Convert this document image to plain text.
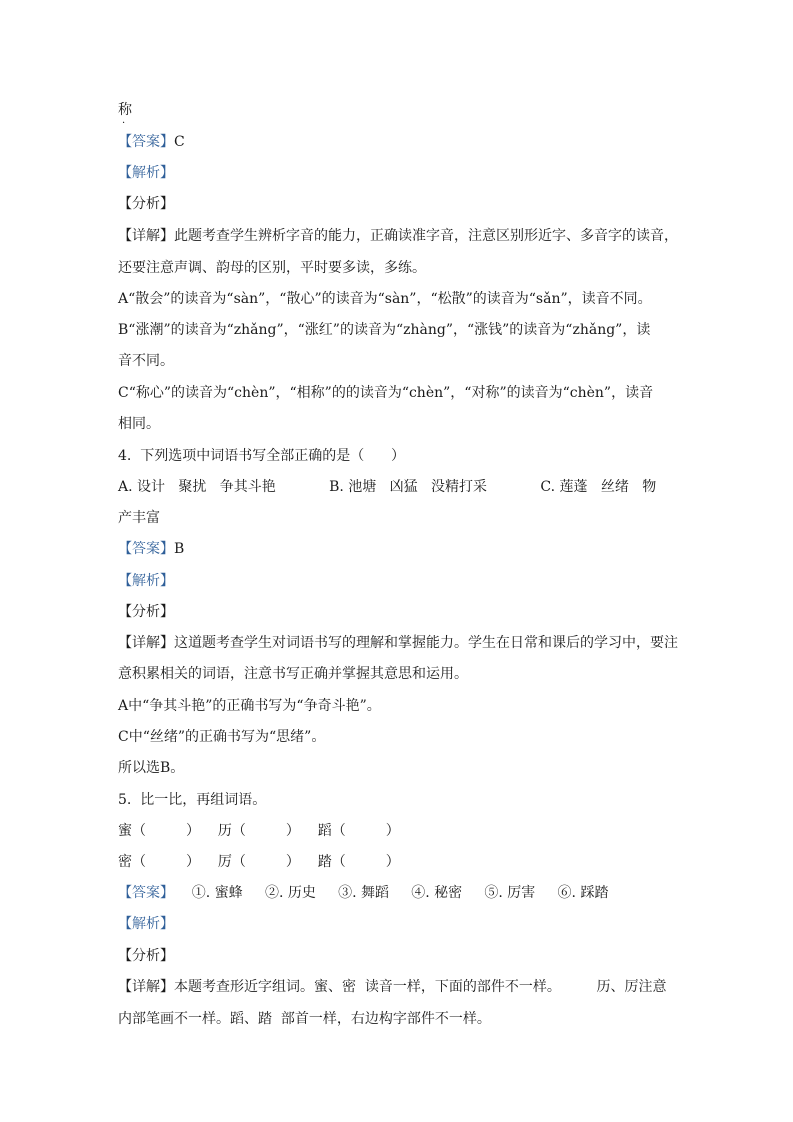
·
称
【答案】C
【解析】
【分析】
【详解】此题考查学生辨析字音的能力，正确读准字音，注意区别形近字、多音字的读音，
还要注意声调、韵母的区别，平时要多读，多练。
A“散会”的读音为“sàn”，“散心”的读音为“sàn”，“松散”的读音为“sǎn”，读音不同。
B“涨潮”的读音为“zhǎng”，“涨红”的读音为“zhàng”，“涨钱”的读音为“zhǎng”，读
音不同。
C“称心”的读音为“chèn”，“相称”的的读音为“chèn”，“对称”的读音为“chèn”，读音
相同。
4.  下列选项中词语书写全部正确的是（      ）
A. 设计   聚扰   争其斗艳            B. 池塘   凶猛   没精打采            C. 莲蓬   丝绪   物
产丰富
【答案】B
【解析】
【分析】
【详解】这道题考查学生对词语书写的理解和掌握能力。学生在日常和课后的学习中，要注
意积累相关的词语，注意书写正确并掌握其意思和运用。
A中“争其斗艳”的正确书写为“争奇斗艳”。
C中“丝绪”的正确书写为“思绪”。
所以选B。
5.  比一比，再组词语。
蜜（         ）    历（         ）    蹈（         ）
密（         ）    厉（         ）    踏（         ）
【答案】    ①. 蜜蜂     ②. 历史     ③. 舞蹈     ④. 秘密     ⑤. 厉害     ⑥. 踩踏
【解析】
【分析】
【详解】本题考查形近字组词。蜜、密  读音一样，下面的部件不一样。        历、厉注意
内部笔画不一样。蹈、踏  部首一样，右边构字部件不一样。
